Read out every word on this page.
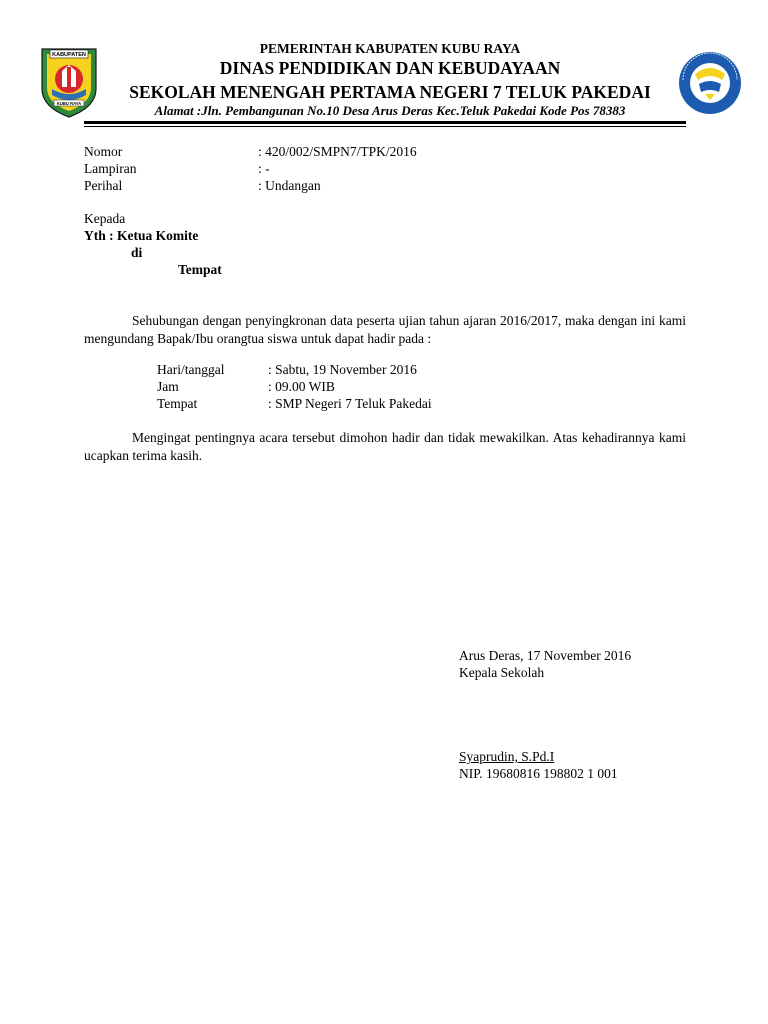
KABUPATEN
KUBU RAYA
PEMERINTAH KABUPATEN KUBU RAYA
DINAS PENDIDIKAN DAN KEBUDAYAAN
SEKOLAH MENENGAH PERTAMA NEGERI 7 TELUK PAKEDAI
Alamat :Jln. Pembangunan No.10 Desa Arus Deras Kec.Teluk Pakedai Kode Pos 78383
Nomor	: 420/002/SMPN7/TPK/2016
Lampiran	: -
Perihal	: Undangan
Kepada
Yth : Ketua Komite
di
Tempat
Sehubungan dengan penyingkronan data peserta ujian tahun ajaran 2016/2017, maka dengan ini kami mengundang Bapak/Ibu orangtua siswa untuk dapat hadir pada :
Hari/tanggal	: Sabtu, 19 November 2016
Jam	: 09.00 WIB
Tempat	: SMP Negeri 7 Teluk Pakedai
Mengingat pentingnya acara tersebut dimohon hadir dan tidak mewakilkan. Atas kehadirannya kami ucapkan terima kasih.
Arus Deras, 17 November 2016
Kepala Sekolah
Syaprudin, S.Pd.I
NIP. 19680816 198802 1 001
